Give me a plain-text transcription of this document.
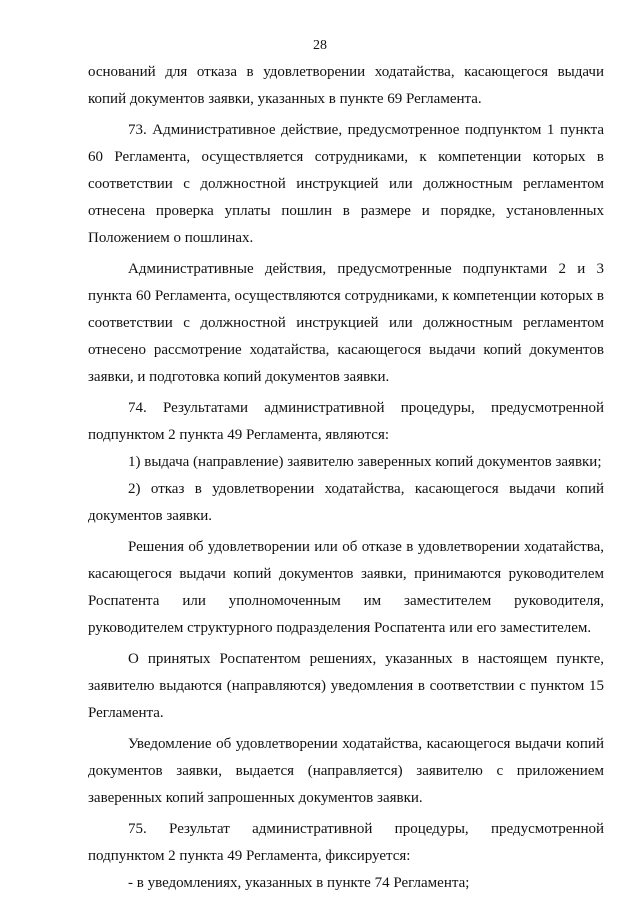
28

оснований для отказа в удовлетворении ходатайства, касающегося выдачи копий документов заявки, указанных в пункте 69 Регламента.

73. Административное действие, предусмотренное подпунктом 1 пункта 60 Регламента, осуществляется сотрудниками, к компетенции которых в соответствии с должностной инструкцией или должностным регламентом отнесена проверка уплаты пошлин в размере и порядке, установленных Положением о пошлинах.

Административные действия, предусмотренные подпунктами 2 и 3 пункта 60 Регламента, осуществляются сотрудниками, к компетенции которых в соответствии с должностной инструкцией или должностным регламентом отнесено рассмотрение ходатайства, касающегося выдачи копий документов заявки, и подготовка копий документов заявки.

74. Результатами административной процедуры, предусмотренной подпунктом 2 пункта 49 Регламента, являются:

1) выдача (направление) заявителю заверенных копий документов заявки;

2) отказ в удовлетворении ходатайства, касающегося выдачи копий документов заявки.

Решения об удовлетворении или об отказе в удовлетворении ходатайства, касающегося выдачи копий документов заявки, принимаются руководителем Роспатента или уполномоченным им заместителем руководителя, руководителем структурного подразделения Роспатента или его заместителем.

О принятых Роспатентом решениях, указанных в настоящем пункте, заявителю выдаются (направляются) уведомления в соответствии с пунктом 15 Регламента.

Уведомление об удовлетворении ходатайства, касающегося выдачи копий документов заявки, выдается (направляется) заявителю с приложением заверенных копий запрошенных документов заявки.

75. Результат административной процедуры, предусмотренной подпунктом 2 пункта 49 Регламента, фиксируется:

- в уведомлениях, указанных в пункте 74 Регламента;
